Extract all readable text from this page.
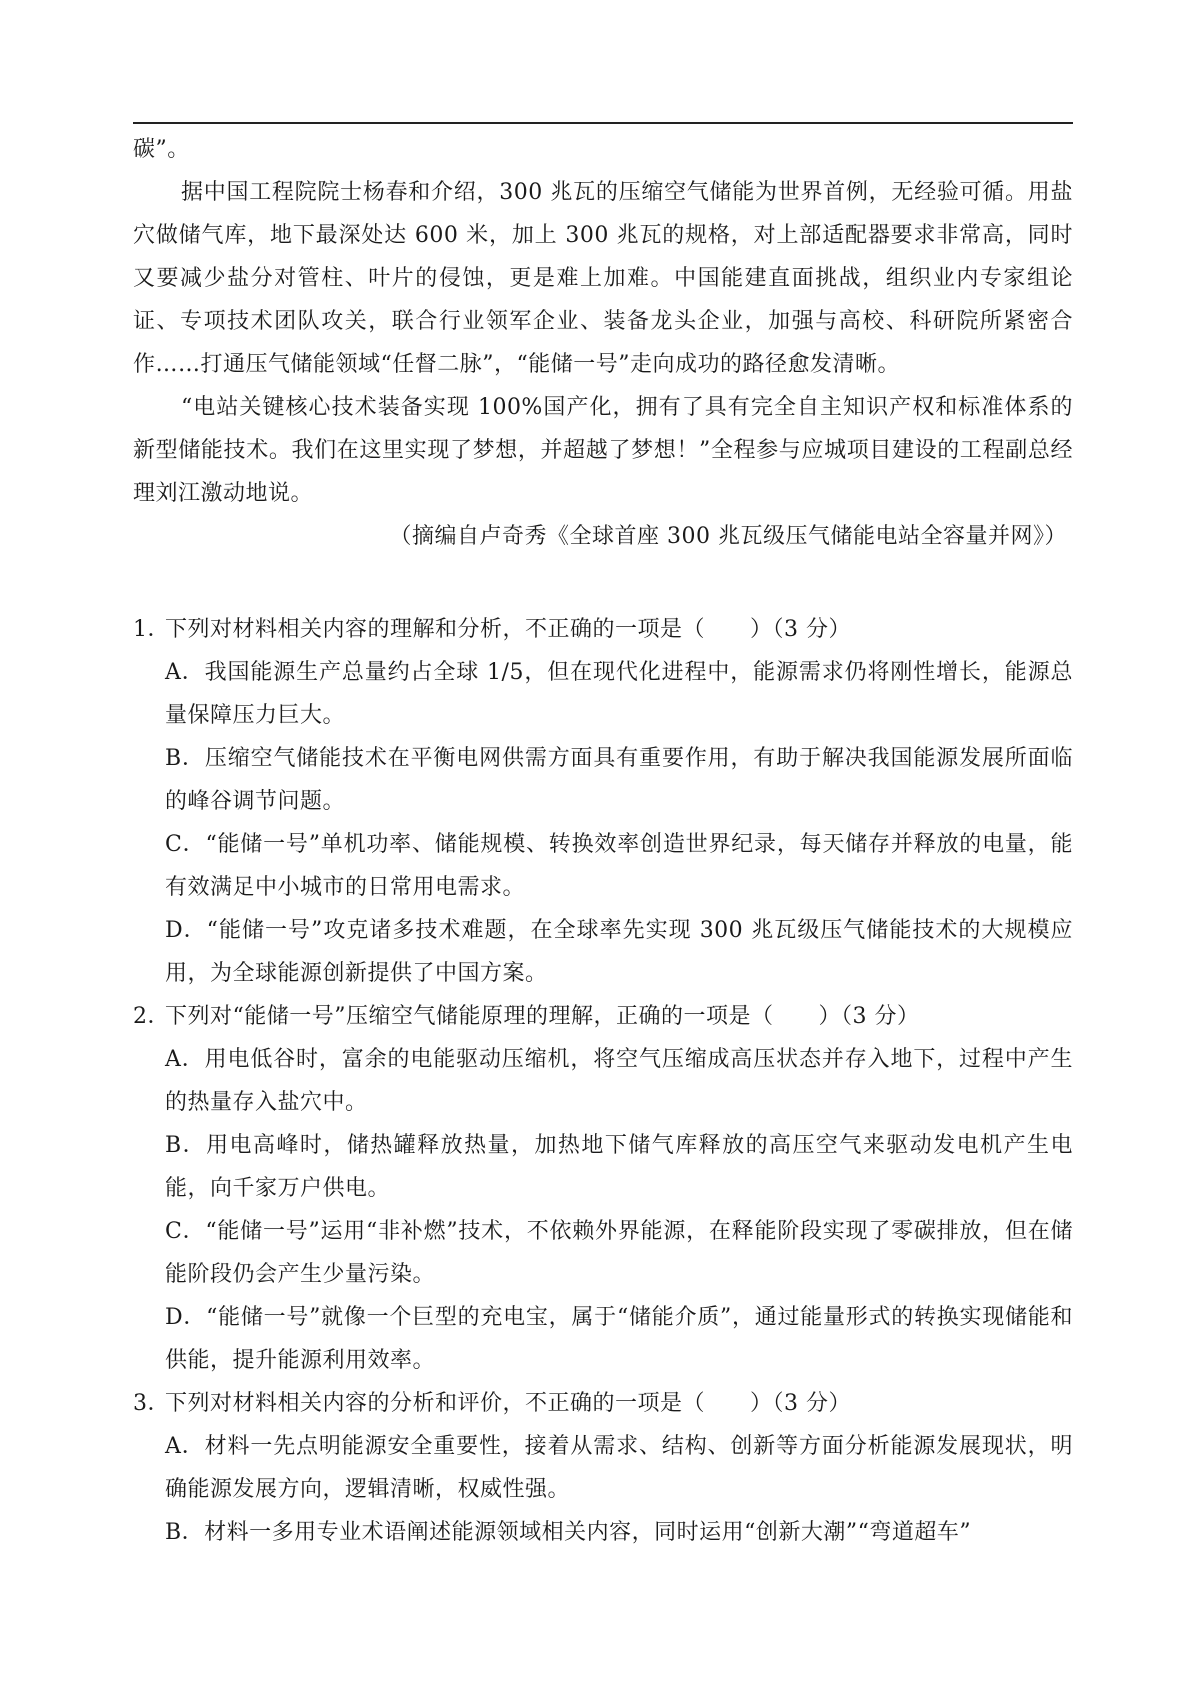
碳”。

据中国工程院院士杨春和介绍，300 兆瓦的压缩空气储能为世界首例，无经验可循。用盐穴做储气库，地下最深处达 600 米，加上 300 兆瓦的规格，对上部适配器要求非常高，同时又要减少盐分对管柱、叶片的侵蚀，更是难上加难。中国能建直面挑战，组织业内专家组论证、专项技术团队攻关，联合行业领军企业、装备龙头企业，加强与高校、科研院所紧密合作……打通压气储能领域“任督二脉”，“能储一号”走向成功的路径愈发清晰。

“电站关键核心技术装备实现 100%国产化，拥有了具有完全自主知识产权和标准体系的新型储能技术。我们在这里实现了梦想，并超越了梦想！”全程参与应城项目建设的工程副总经理刘江激动地说。

（摘编自卢奇秀《全球首座 300 兆瓦级压气储能电站全容量并网》）

1．下列对材料相关内容的理解和分析，不正确的一项是（　　）（3 分）

A．我国能源生产总量约占全球 1/5，但在现代化进程中，能源需求仍将刚性增长，能源总量保障压力巨大。

B．压缩空气储能技术在平衡电网供需方面具有重要作用，有助于解决我国能源发展所面临的峰谷调节问题。

C．“能储一号”单机功率、储能规模、转换效率创造世界纪录，每天储存并释放的电量，能有效满足中小城市的日常用电需求。

D．“能储一号”攻克诸多技术难题，在全球率先实现 300 兆瓦级压气储能技术的大规模应用，为全球能源创新提供了中国方案。

2．下列对“能储一号”压缩空气储能原理的理解，正确的一项是（　　）（3 分）

A．用电低谷时，富余的电能驱动压缩机，将空气压缩成高压状态并存入地下，过程中产生的热量存入盐穴中。

B．用电高峰时，储热罐释放热量，加热地下储气库释放的高压空气来驱动发电机产生电能，向千家万户供电。

C．“能储一号”运用“非补燃”技术，不依赖外界能源，在释能阶段实现了零碳排放，但在储能阶段仍会产生少量污染。

D．“能储一号”就像一个巨型的充电宝，属于“储能介质”，通过能量形式的转换实现储能和供能，提升能源利用效率。

3．下列对材料相关内容的分析和评价，不正确的一项是（　　）（3 分）

A．材料一先点明能源安全重要性，接着从需求、结构、创新等方面分析能源发展现状，明确能源发展方向，逻辑清晰，权威性强。

B．材料一多用专业术语阐述能源领域相关内容，同时运用“创新大潮”“弯道超车”
